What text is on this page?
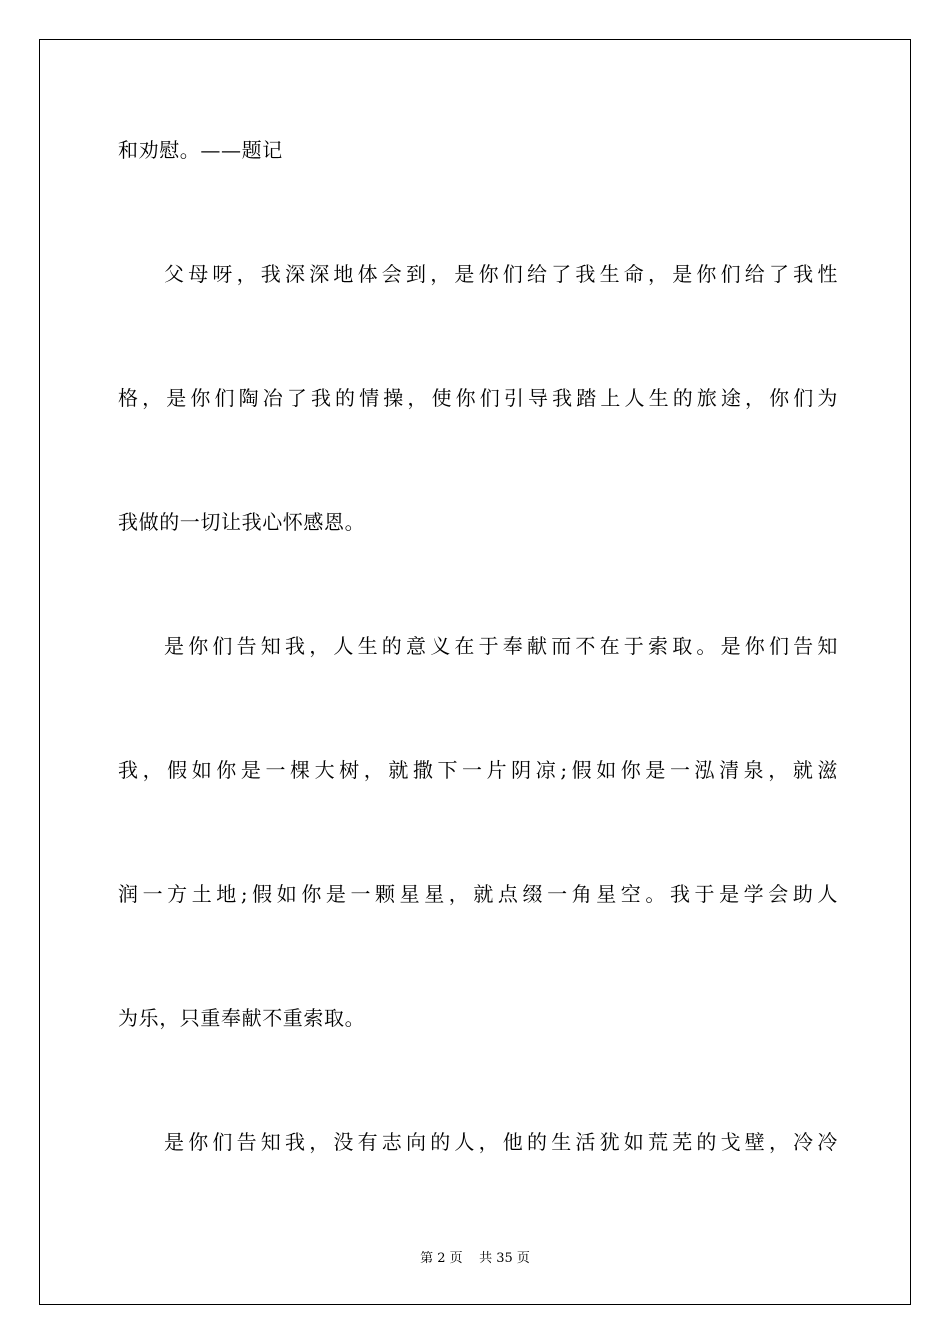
和劝慰。——题记
父母呀，我深深地体会到，是你们给了我生命，是你们给了我性
格，是你们陶冶了我的情操，使你们引导我踏上人生的旅途，你们为
我做的一切让我心怀感恩。
是你们告知我，人生的意义在于奉献而不在于索取。是你们告知
我，假如你是一棵大树，就撒下一片阴凉;假如你是一泓清泉，就滋
润一方土地;假如你是一颗星星，就点缀一角星空。我于是学会助人
为乐，只重奉献不重索取。
是你们告知我，没有志向的人，他的生活犹如荒芜的戈壁，冷冷
第 2 页    共 35 页
